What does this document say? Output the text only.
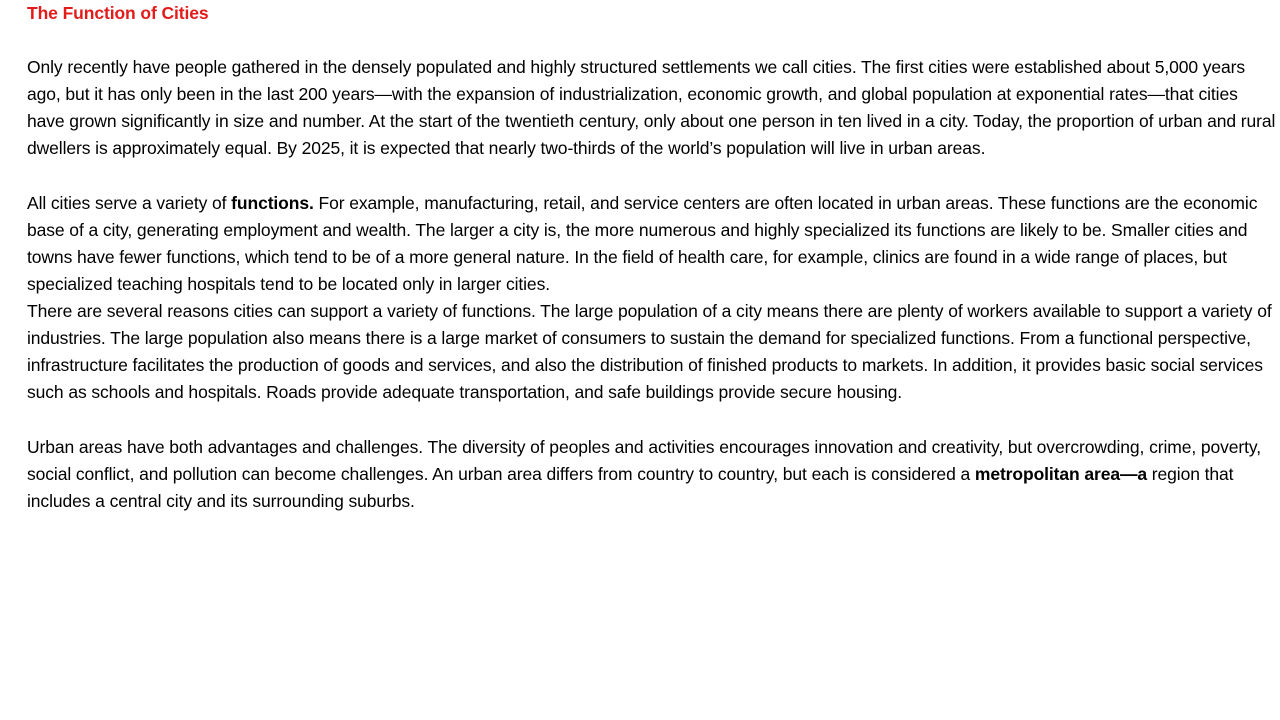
The Function of Cities

Only recently have people gathered in the densely populated and highly structured settlements we call cities. The first cities were established about 5,000 years ago, but it has only been in the last 200 years—with the expansion of industrialization, economic growth, and global population at exponential rates—that cities have grown significantly in size and number. At the start of the twentieth century, only about one person in ten lived in a city. Today, the proportion of urban and rural dwellers is approximately equal. By 2025, it is expected that nearly two-thirds of the world’s population will live in urban areas.

All cities serve a variety of functions. For example, manufacturing, retail, and service centers are often located in urban areas. These functions are the economic base of a city, generating employment and wealth. The larger a city is, the more numerous and highly specialized its functions are likely to be. Smaller cities and towns have fewer functions, which tend to be of a more general nature. In the field of health care, for example, clinics are found in a wide range of places, but specialized teaching hospitals tend to be located only in larger cities.

There are several reasons cities can support a variety of functions. The large population of a city means there are plenty of workers available to support a variety of industries. The large population also means there is a large market of consumers to sustain the demand for specialized functions. From a functional perspective, infrastructure facilitates the production of goods and services, and also the distribution of finished products to markets. In addition, it provides basic social services such as schools and hospitals. Roads provide adequate transportation, and safe buildings provide secure housing.

Urban areas have both advantages and challenges. The diversity of peoples and activities encourages innovation and creativity, but overcrowding, crime, poverty, social conflict, and pollution can become challenges. An urban area differs from country to country, but each is considered a metropolitan area—a region that includes a central city and its surrounding suburbs.
